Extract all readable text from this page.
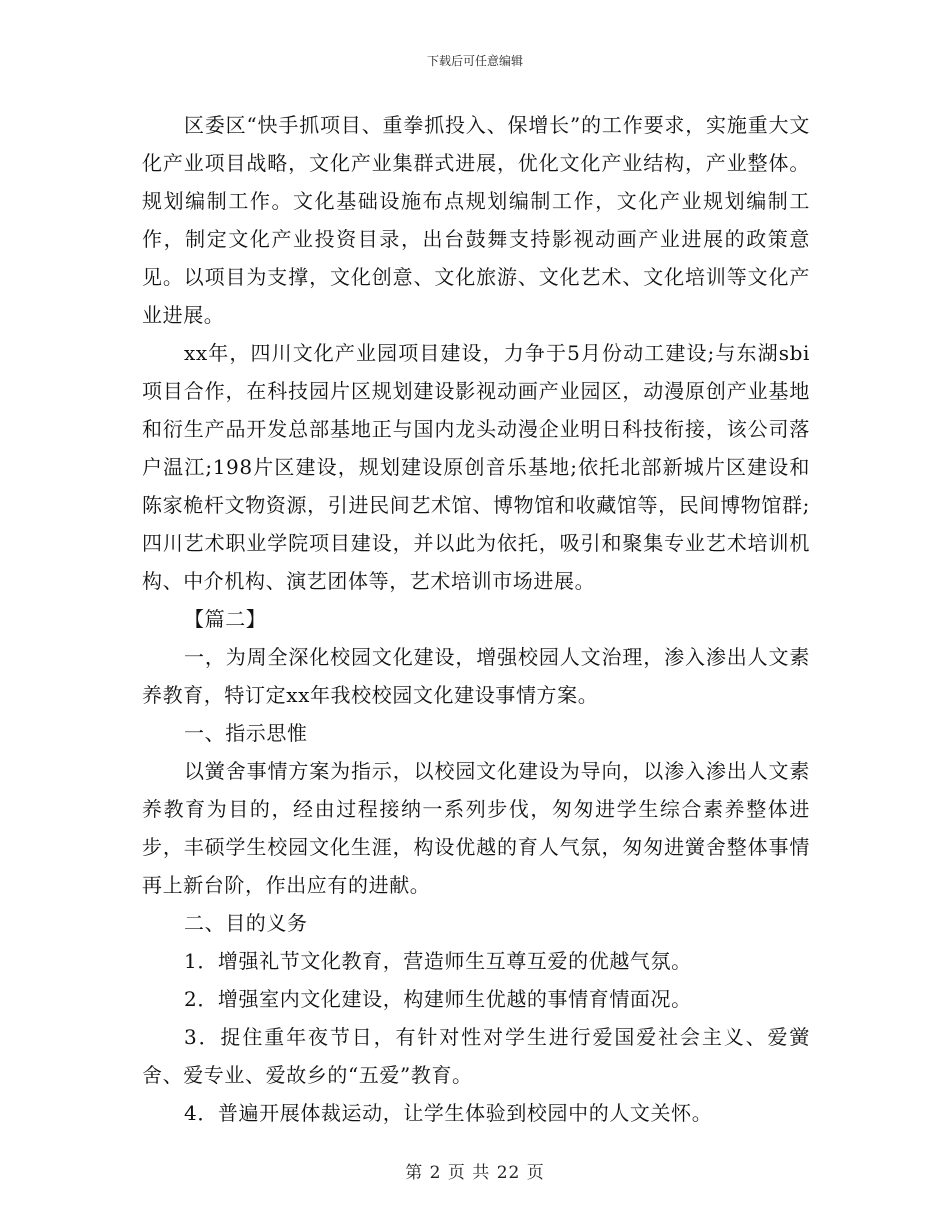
下载后可任意编辑

区委区“快手抓项目、重拳抓投入、保增长”的工作要求，实施重大文化产业项目战略，文化产业集群式进展，优化文化产业结构，产业整体。规划编制工作。文化基础设施布点规划编制工作，文化产业规划编制工作，制定文化产业投资目录，出台鼓舞支持影视动画产业进展的政策意见。以项目为支撑，文化创意、文化旅游、文化艺术、文化培训等文化产业进展。

xx年，四川文化产业园项目建设，力争于5月份动工建设;与东湖sbi项目合作，在科技园片区规划建设影视动画产业园区，动漫原创产业基地和衍生产品开发总部基地正与国内龙头动漫企业明日科技衔接，该公司落户温江;198片区建设，规划建设原创音乐基地;依托北部新城片区建设和陈家桅杆文物资源，引进民间艺术馆、博物馆和收藏馆等，民间博物馆群;四川艺术职业学院项目建设，并以此为依托，吸引和聚集专业艺术培训机构、中介机构、演艺团体等，艺术培训市场进展。

【篇二】

一，为周全深化校园文化建设，增强校园人文治理，渗入渗出人文素养教育，特订定xx年我校校园文化建设事情方案。

一、指示思惟

以黉舍事情方案为指示，以校园文化建设为导向，以渗入渗出人文素养教育为目的，经由过程接纳一系列步伐，匆匆进学生综合素养整体进步，丰硕学生校园文化生涯，构设优越的育人气氛，匆匆进黉舍整体事情再上新台阶，作出应有的进献。

二、目的义务

1．增强礼节文化教育，营造师生互尊互爱的优越气氛。

2．增强室内文化建设，构建师生优越的事情育情面况。

3．捉住重年夜节日，有针对性对学生进行爱国爱社会主义、爱黉舍、爱专业、爱故乡的“五爱”教育。

4．普遍开展体裁运动，让学生体验到校园中的人文关怀。

第 2 页 共 22 页
